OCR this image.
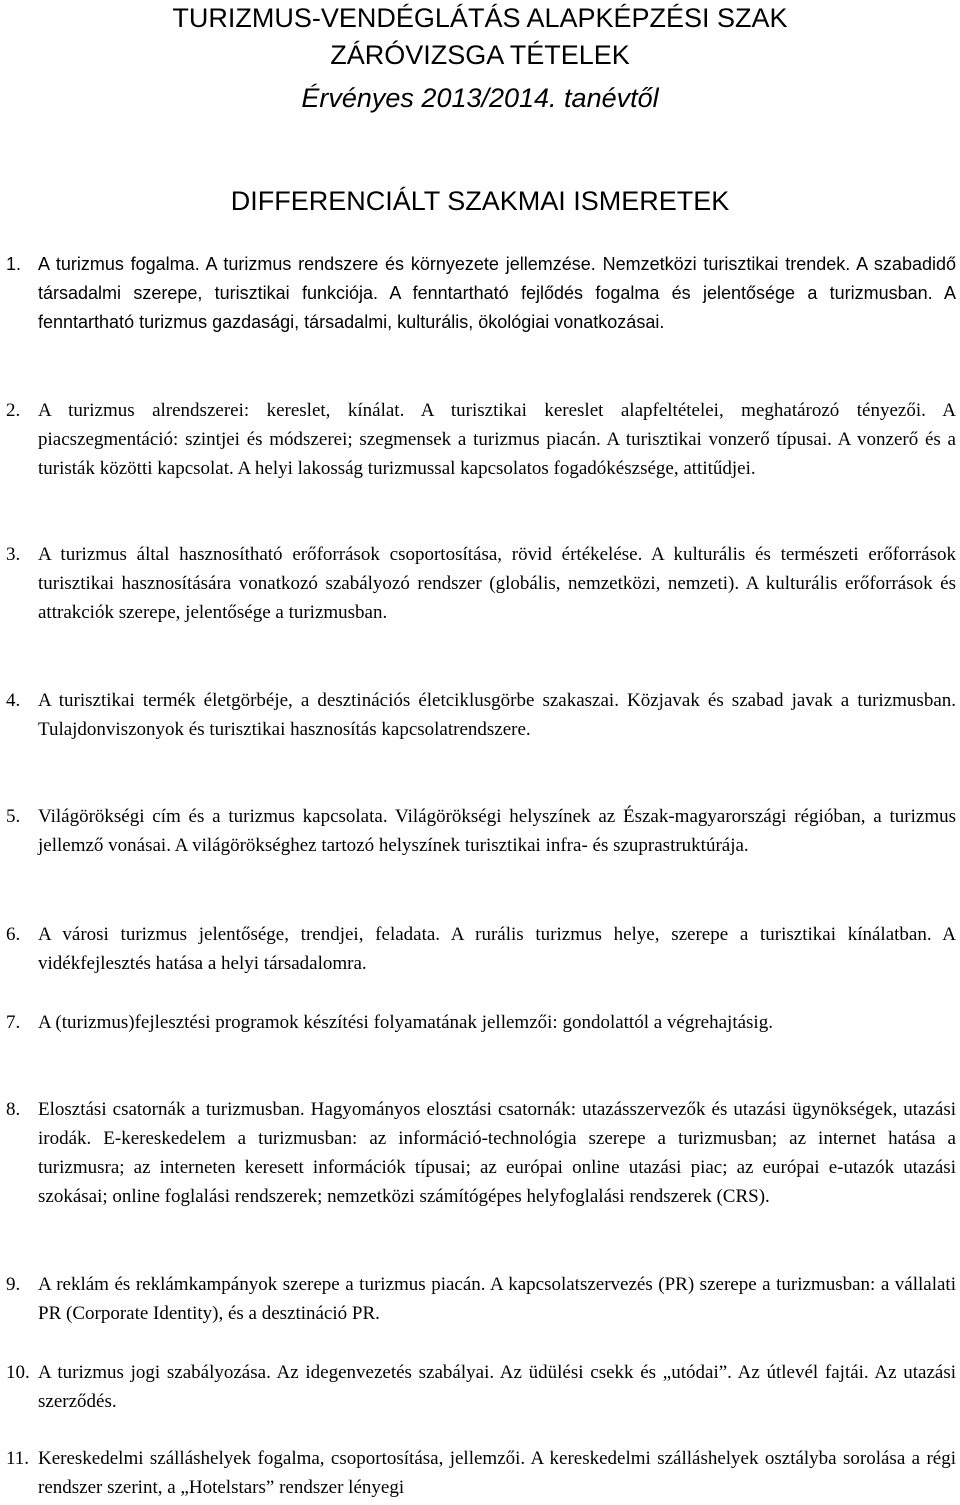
TURIZMUS-VENDÉGLÁTÁS ALAPKÉPZÉSI SZAK

ZÁRÓVIZSGA TÉTELEK

Érvényes 2013/2014. tanévtől

DIFFERENCIÁLT SZAKMAI ISMERETEK

1. A turizmus fogalma. A turizmus rendszere és környezete jellemzése. Nemzetközi turisztikai trendek. A szabadidő társadalmi szerepe, turisztikai funkciója. A fenntartható fejlődés fogalma és jelentősége a turizmusban. A fenntartható turizmus gazdasági, társadalmi, kulturális, ökológiai vonatkozásai.
2. A turizmus alrendszerei: kereslet, kínálat. A turisztikai kereslet alapfeltételei, meghatározó tényezői. A piacszegmentáció: szintjei és módszerei; szegmensek a turizmus piacán. A turisztikai vonzerő típusai. A vonzerő és a turisták közötti kapcsolat. A helyi lakosság turizmussal kapcsolatos fogadókészsége, attitűdjei.
3. A turizmus által hasznosítható erőforrások csoportosítása, rövid értékelése. A kulturális és természeti erőforrások turisztikai hasznosítására vonatkozó szabályozó rendszer (globális, nemzetközi, nemzeti). A kulturális erőforrások és attrakciók szerepe, jelentősége a turizmusban.
4. A turisztikai termék életgörbéje, a desztinációs életciklusgörbe szakaszai. Közjavak és szabad javak a turizmusban. Tulajdonviszonyok és turisztikai hasznosítás kapcsolatrendszere.
5. Világörökségi cím és a turizmus kapcsolata. Világörökségi helyszínek az Észak-magyarországi régióban, a turizmus jellemző vonásai. A világörökséghez tartozó helyszínek turisztikai infra- és szuprastruktúrája.
6. A városi turizmus jelentősége, trendjei, feladata. A rurális turizmus helye, szerepe a turisztikai kínálatban. A vidékfejlesztés hatása a helyi társadalomra.
7. A (turizmus)fejlesztési programok készítési folyamatának jellemzői: gondolattól a végrehajtásig.
8. Elosztási csatornák a turizmusban. Hagyományos elosztási csatornák: utazásszervezők és utazási ügynökségek, utazási irodák. E-kereskedelem a turizmusban: az információ-technológia szerepe a turizmusban; az internet hatása a turizmusra; az interneten keresett információk típusai; az európai online utazási piac; az európai e-utazók utazási szokásai; online foglalási rendszerek; nemzetközi számítógépes helyfoglalási rendszerek (CRS).
9. A reklám és reklámkampányok szerepe a turizmus piacán. A kapcsolatszervezés (PR) szerepe a turizmusban: a vállalati PR (Corporate Identity), és a desztináció PR.
10. A turizmus jogi szabályozása. Az idegenvezetés szabályai. Az üdülési csekk és „utódai”. Az útlevél fajtái. Az utazási szerződés.
11. Kereskedelmi szálláshelyek fogalma, csoportosítása, jellemzői. A kereskedelmi szálláshelyek osztályba sorolása a régi rendszer szerint, a „Hotelstars” rendszer lényegi
